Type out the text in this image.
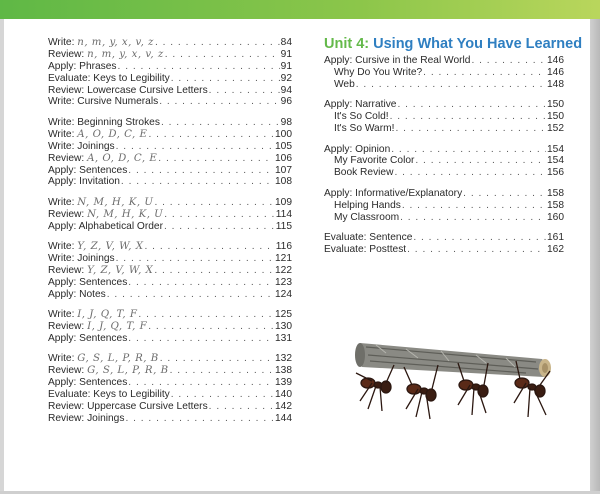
Write: n, m, y, x, v, z . . .	84
Review: n, m, y, x, v, z . . .	91
Apply: Phrases . . .	91
Evaluate: Keys to Legibility . . .	92
Review: Lowercase Cursive Letters . . .	94
Write: Cursive Numerals . . .	96
Write: Beginning Strokes . . .	98
Write: A, O, D, C, E . . .	100
Write: Joinings . . .	105
Review: A, O, D, C, E . . .	106
Apply: Sentences . . .	107
Apply: Invitation . . .	108
Write: N, M, H, K, U . . .	109
Review: N, M, H, K, U . . .	114
Apply: Alphabetical Order . . .	115
Write: Y, Z, V, W, X . . .	116
Write: Joinings . . .	121
Review: Y, Z, V, W, X . . .	122
Apply: Sentences . . .	123
Apply: Notes . . .	124
Write: I, J, Q, T, F . . .	125
Review: I, J, Q, T, F . . .	130
Apply: Sentences . . .	131
Write: G, S, L, P, R, B . . .	132
Review: G, S, L, P, R, B . . .	138
Apply: Sentences . . .	139
Evaluate: Keys to Legibility . . .	140
Review: Uppercase Cursive Letters . . .	142
Review: Joinings . . .	144
Unit 4: Using What You Have Learned
Apply: Cursive in the Real World . . .	146
Why Do You Write? . . .	146
Web . . .	148
Apply: Narrative . . .	150
It's So Cold! . . .	150
It's So Warm! . . .	152
Apply: Opinion . . .	154
My Favorite Color . . .	154
Book Review . . .	156
Apply: Informative/Explanatory . . .	158
Helping Hands . . .	158
My Classroom . . .	160
Evaluate: Sentence . . .	161
Evaluate: Posttest . . .	162
